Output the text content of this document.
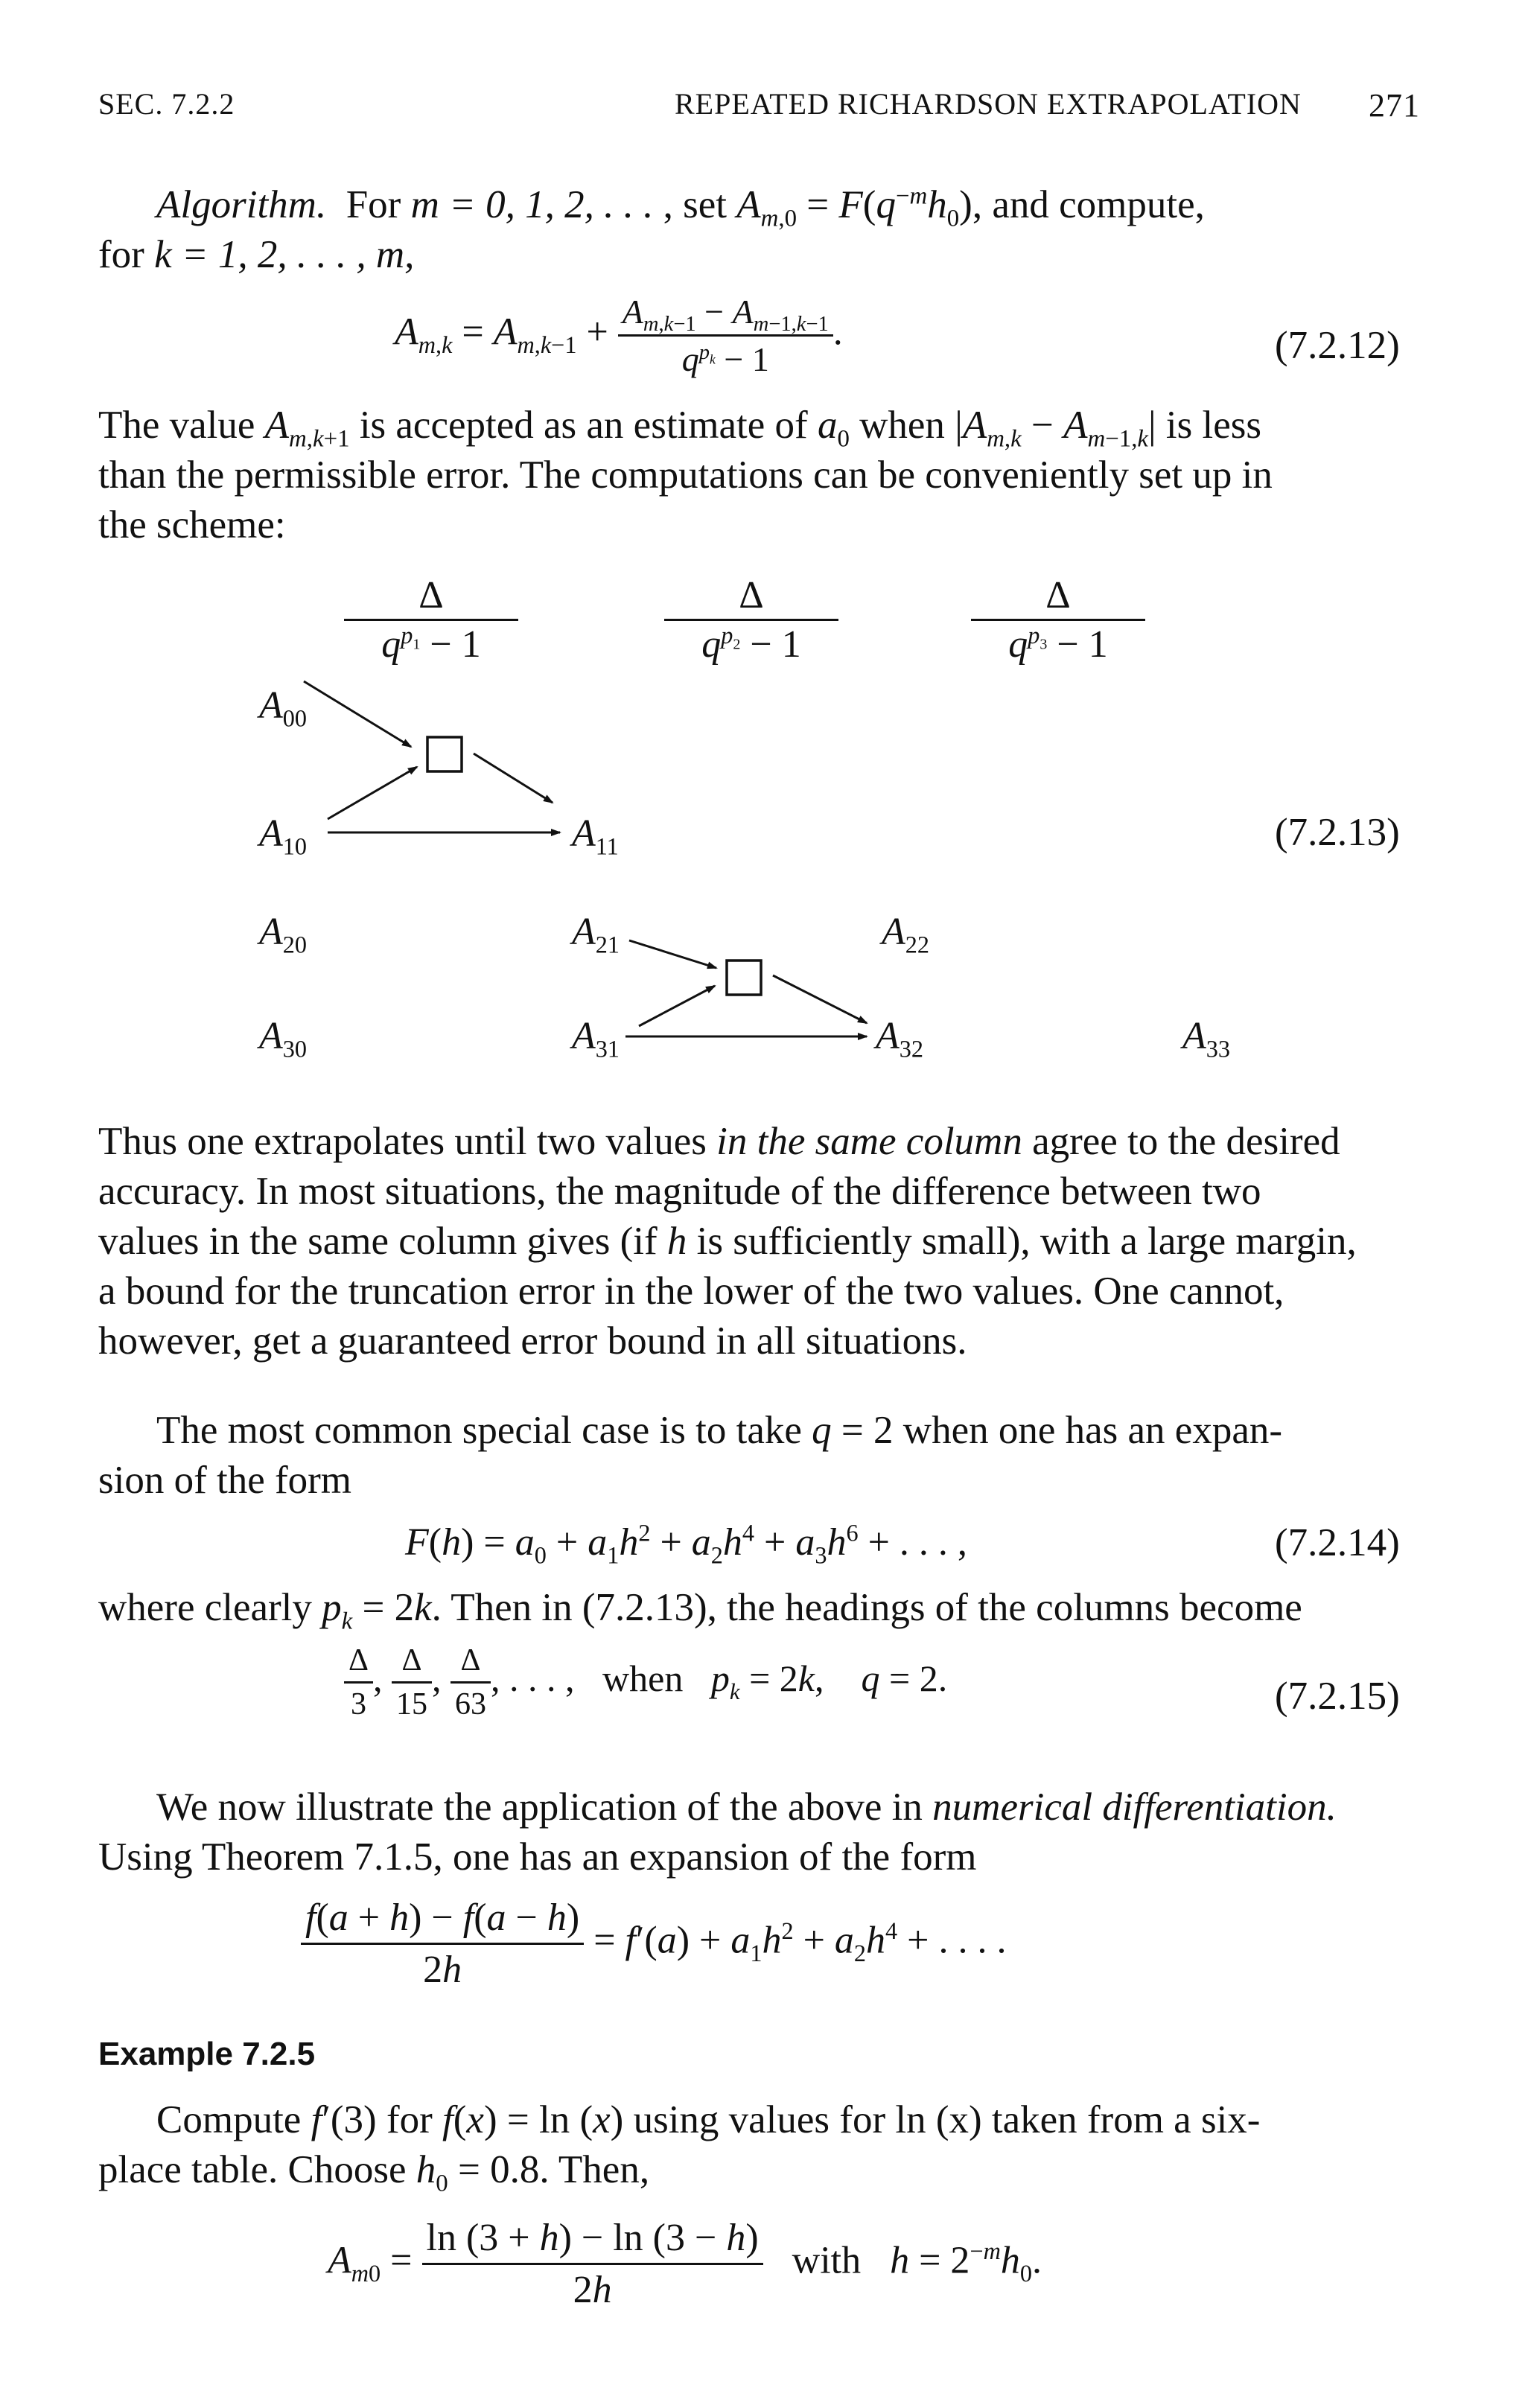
SEC. 7.2.2	REPEATED RICHARDSON EXTRAPOLATION 271
Algorithm. For m = 0, 1, 2, . . . , set $A_{m,0} = F(q^{-m}h_0)$, and compute,
for k = 1, 2, . . . , m,
$A_{m,k} = A_{m,k-1} + \frac{A_{m,k-1} - A_{m-1,k-1}}{q^{p_k} - 1}$ .	(7.2.12)
The value $A_{m,k+1}$ is accepted as an estimate of $a_0$ when $|A_{m,k} - A_{m-1,k}|$ is less
than the permissible error. The computations can be conveniently set up in
the scheme:
$\frac{\Delta}{q^{p_1} - 1}$	$\frac{\Delta}{q^{p_2} - 1}$	$\frac{\Delta}{q^{p_3} - 1}$
$A_{00}$
$A_{10}$	$A_{11}$
$A_{20}$	$A_{21}$	$A_{22}$
$A_{30}$	$A_{31}$	$A_{32}$	$A_{33}$
(7.2.13)
Thus one extrapolates until two values in the same column agree to the desired
accuracy. In most situations, the magnitude of the difference between two
values in the same column gives (if h is sufficiently small), with a large margin,
a bound for the truncation error in the lower of the two values. One cannot,
however, get a guaranteed error bound in all situations.
The most common special case is to take q = 2 when one has an expan-
sion of the form
$F(h) = a_0 + a_1h^2 + a_2h^4 + a_3h^6$ + . . . ,	(7.2.14)
where clearly $p_k = 2k$. Then in (7.2.13), the headings of the columns become
$\frac{\Delta}{3}$ , $\frac{\Delta}{15}$ , $\frac{\Delta}{63}$ , . . . ,   when $p_k = 2k$,    q = 2.	(7.2.15)
We now illustrate the application of the above in numerical differentiation.
Using Theorem 7.1.5, one has an expansion of the form
$\frac{f(a + h) - f(a - h)}{2h} = f'(a) + a_1h^2 + a_2h^4$ + . . . .
Example 7.2.5
Compute f′(3) for f(x) = ln (x) using values for ln (x) taken from a six-
place table. Choose $h_0 = 0.8$. Then,
$A_{m0} = \frac{\ln (3 + h) - \ln (3 - h)}{2h}$ with $h = 2^{-m}h_0$.
